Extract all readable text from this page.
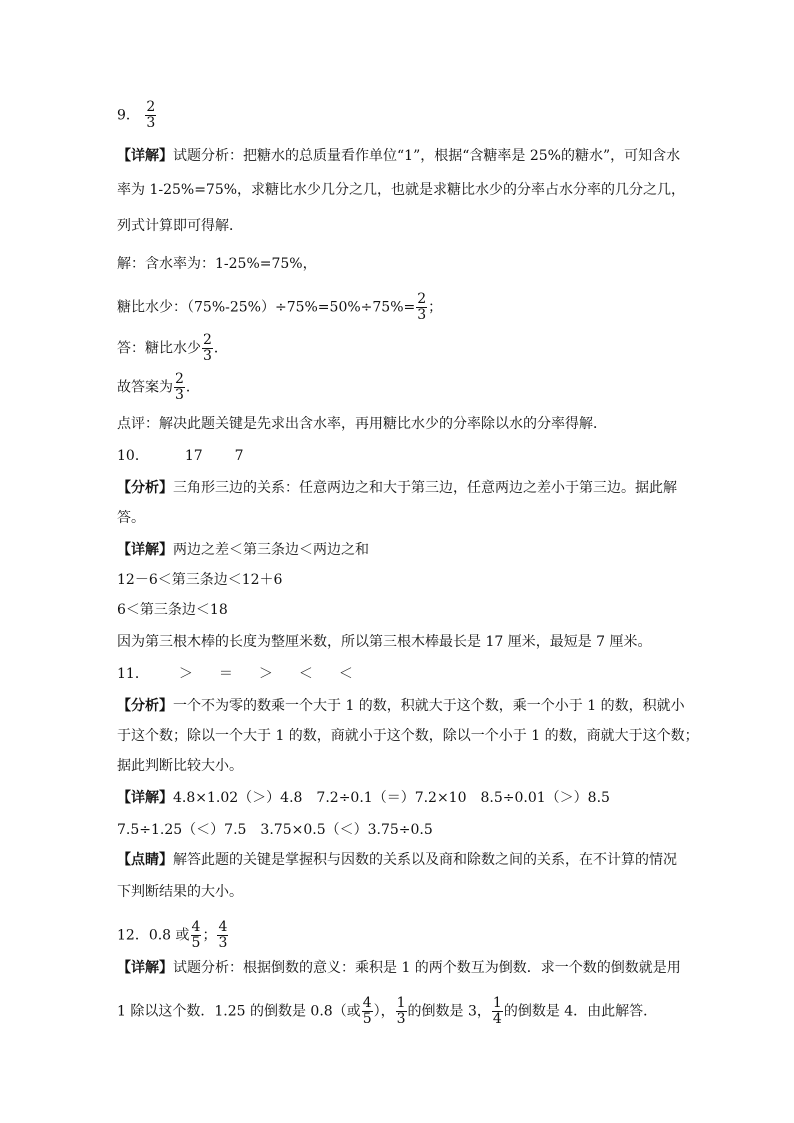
9． $\frac{2}{3}$
【详解】试题分析：把糖水的总质量看作单位“1”，根据“含糖率是 25%的糖水”，可知含水
率为 1-25%=75%，求糖比水少几分之几，也就是求糖比水少的分率占水分率的几分之几，
列式计算即可得解．
解：含水率为：1-25%=75%，
糖比水少：$(75\%-25\%)\div 75\%=50\%\div 75\%= \frac{2}{3}$ ；
答：糖比水少 $\frac{2}{3}$ ．
故答案为 $\frac{2}{3}$ ．
点评：解决此题关键是先求出含水率，再用糖比水少的分率除以水的分率得解．
10．	17 7
【分析】三角形三边的关系：任意两边之和大于第三边，任意两边之差小于第三边。据此解
答。
【详解】两边之差＜第三条边＜两边之和
12－6＜第三条边＜12＋6
6＜第三条边＜18
因为第三根木棒的长度为整厘米数，所以第三根木棒最长是 17 厘米，最短是 7 厘米。
11． ＞ ＝ ＞ ＜ ＜
【分析】一个不为零的数乘一个大于 1 的数，积就大于这个数，乘一个小于 1 的数，积就小
于这个数；除以一个大于 1 的数，商就小于这个数，除以一个小于 1 的数，商就大于这个数；
据此判断比较大小。
【详解】4.8×1.02（＞）4.8　7.2÷0.1（＝）7.2×10　8.5÷0.01（＞）8.5
7.5÷1.25（＜）7.5　3.75×0.5（＜）3.75÷0.5
【点睛】解答此题的关键是掌握积与因数的关系以及商和除数之间的关系，在不计算的情况
下判断结果的大小。
12．0.8 或 $\frac{4}{5}$ ； $\frac{4}{3}$
【详解】试题分析：根据倒数的意义：乘积是 1 的两个数互为倒数．求一个数的倒数就是用
1 除以这个数．1.25 的倒数是 0.8（或 $\frac{4}{5}$ ）， $\frac{1}{3}$ 的倒数是 3， $\frac{1}{4}$ 的倒数是 4．由此解答．
